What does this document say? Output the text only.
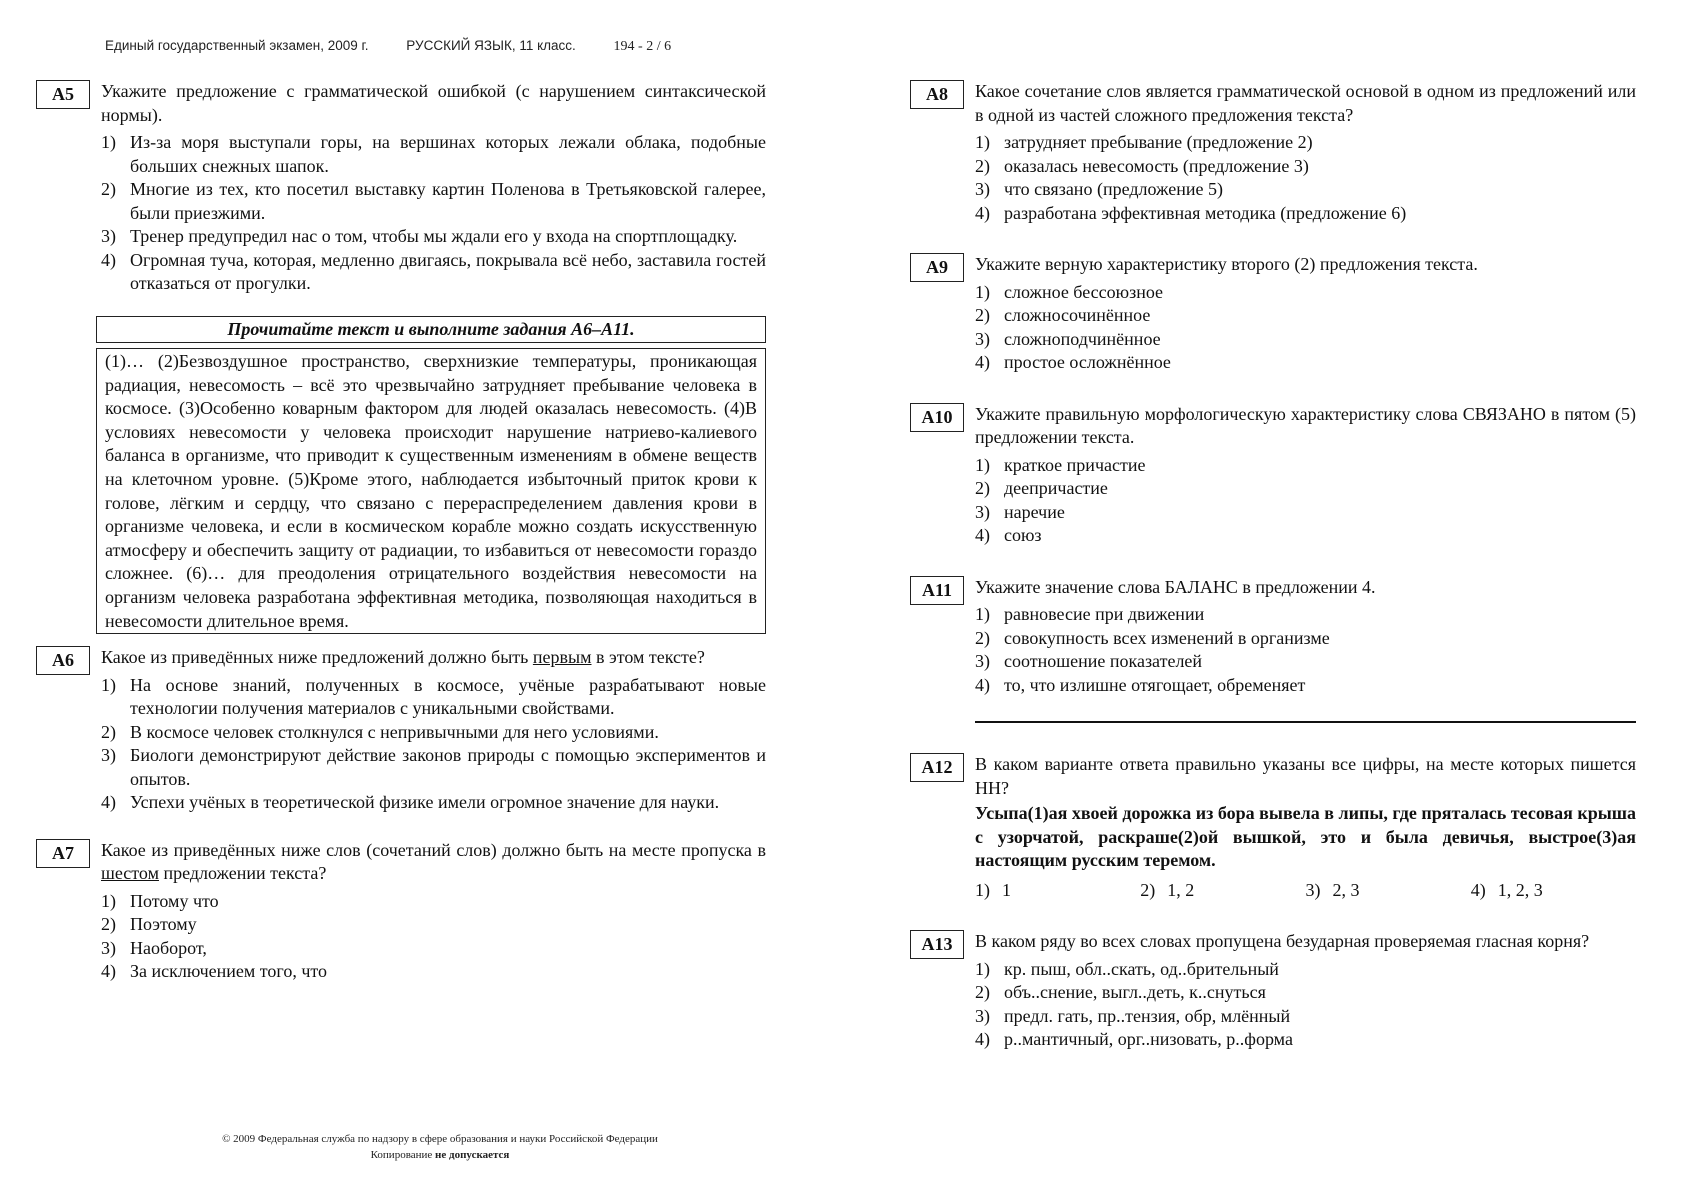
Единый государственный экзамен, 2009 г.	РУССКИЙ ЯЗЫК, 11 класс.	194 - 2 / 6
А5	Укажите предложение с грамматической ошибкой (с нарушением синтаксической нормы).
1) Из-за моря выступали горы, на вершинах которых лежали облака, подобные больших снежных шапок.
2) Многие из тех, кто посетил выставку картин Поленова в Третьяковской галерее, были приезжими.
3) Тренер предупредил нас о том, чтобы мы ждали его у входа на спортплощадку.
4) Огромная туча, которая, медленно двигаясь, покрывала всё небо, заставила гостей отказаться от прогулки.
Прочитайте текст и выполните задания А6–А11.
(1)… (2)Безвоздушное пространство, сверхнизкие температуры, проникающая радиация, невесомость – всё это чрезвычайно затрудняет пребывание человека в космосе. (3)Особенно коварным фактором для людей оказалась невесомость. (4)В условиях невесомости у человека происходит нарушение натриево-калиевого баланса в организме, что приводит к существенным изменениям в обмене веществ на клеточном уровне. (5)Кроме этого, наблюдается избыточный приток крови к голове, лёгким и сердцу, что связано с перераспределением давления крови в организме человека, и если в космическом корабле можно создать искусственную атмосферу и обеспечить защиту от радиации, то избавиться от невесомости гораздо сложнее. (6)… для преодоления отрицательного воздействия невесомости на организм человека разработана эффективная методика, позволяющая находиться в невесомости длительное время.
А6	Какое из приведённых ниже предложений должно быть первым в этом тексте?
1) На основе знаний, полученных в космосе, учёные разрабатывают новые технологии получения материалов с уникальными свойствами.
2) В космосе человек столкнулся с непривычными для него условиями.
3) Биологи демонстрируют действие законов природы с помощью экспериментов и опытов.
4) Успехи учёных в теоретической физике имели огромное значение для науки.
А7	Какое из приведённых ниже слов (сочетаний слов) должно быть на месте пропуска в шестом предложении текста?
1) Потому что
2) Поэтому
3) Наоборот,
4) За исключением того, что
А8	Какое сочетание слов является грамматической основой в одном из предложений или в одной из частей сложного предложения текста?
1) затрудняет пребывание (предложение 2)
2) оказалась невесомость (предложение 3)
3) что связано (предложение 5)
4) разработана эффективная методика (предложение 6)
А9	Укажите верную характеристику второго (2) предложения текста.
1) сложное бессоюзное
2) сложносочинённое
3) сложноподчинённое
4) простое осложнённое
А10	Укажите правильную морфологическую характеристику слова СВЯЗАНО в пятом (5) предложении текста.
1) краткое причастие
2) деепричастие
3) наречие
4) союз
А11	Укажите значение слова БАЛАНС в предложении 4.
1) равновесие при движении
2) совокупность всех изменений в организме
3) соотношение показателей
4) то, что излишне отягощает, обременяет
А12	В каком варианте ответа правильно указаны все цифры, на месте которых пишется НН?
Усыпа(1)ая хвоей дорожка из бора вывела в липы, где пряталась тесовая крыша с узорчатой, раскраше(2)ой вышкой, это и была девичья, выстрое(3)ая настоящим русским теремом.
1) 1	2) 1, 2	3) 2, 3	4) 1, 2, 3
А13	В каком ряду во всех словах пропущена безударная проверяемая гласная корня?
1) кр. пыш, обл..скать, од..брительный
2) объ..снение, выгл..деть, к..снуться
3) предл. гать, пр..тензия, обр, млённый
4) р..мантичный, орг..низовать, р..форма
© 2009 Федеральная служба по надзору в сфере образования и науки Российской Федерации
Копирование не допускается
